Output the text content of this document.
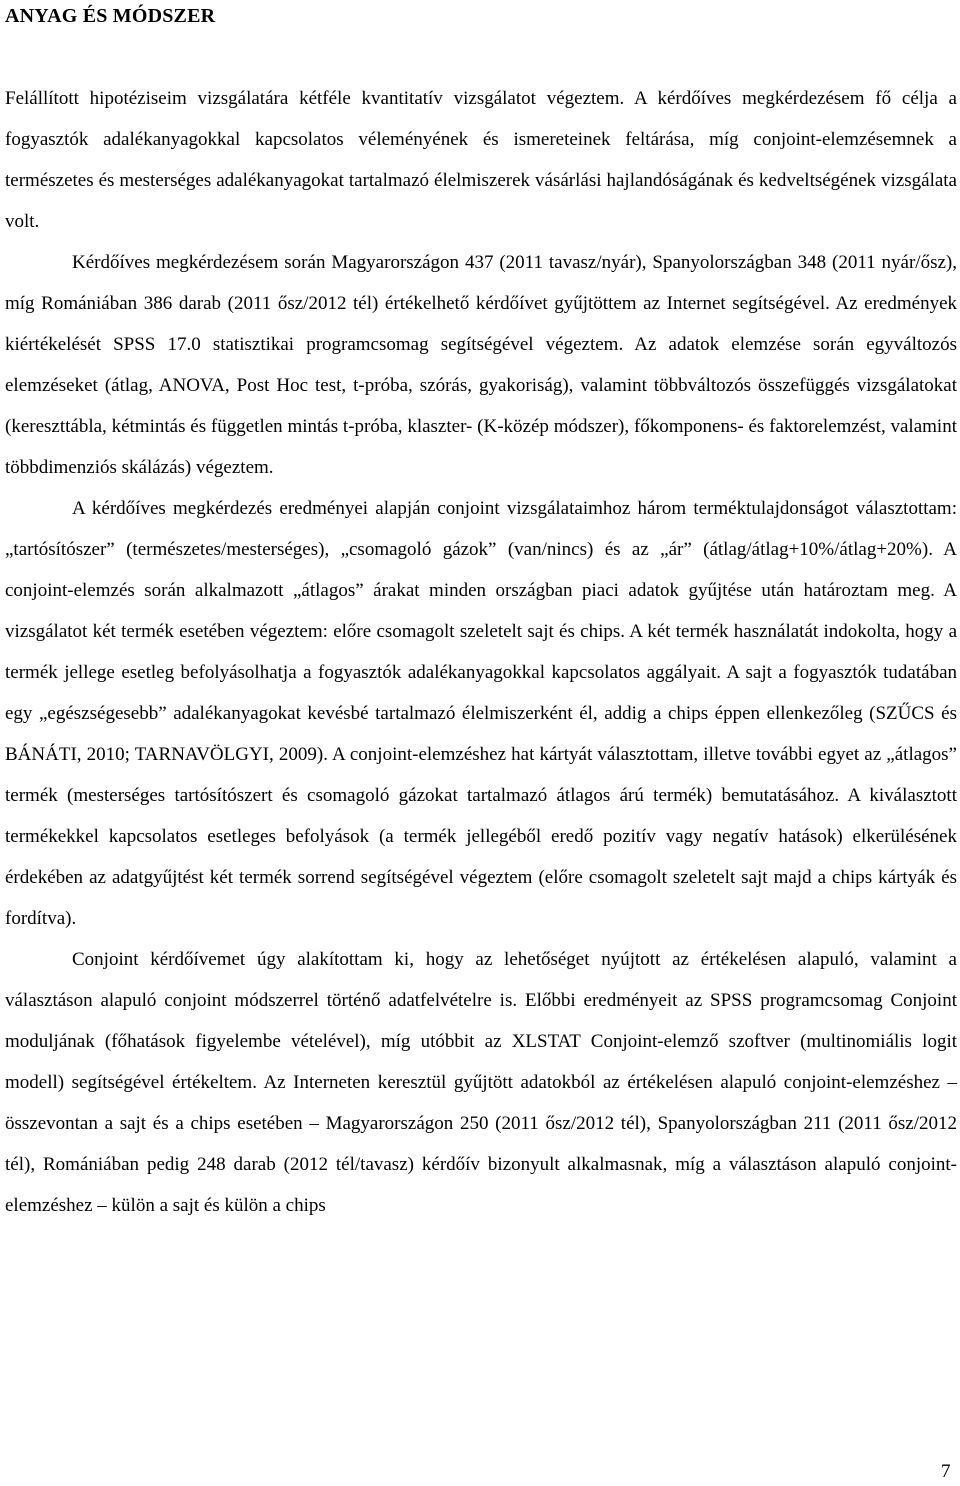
ANYAG ÉS MÓDSZER

Felállított hipotéziseim vizsgálatára kétféle kvantitatív vizsgálatot végeztem. A kérdőíves megkérdezésem fő célja a fogyasztók adalékanyagokkal kapcsolatos véleményének és ismereteinek feltárása, míg conjoint-elemzésemnek a természetes és mesterséges adalékanyagokat tartalmazó élelmiszerek vásárlási hajlandóságának és kedveltségének vizsgálata volt.

Kérdőíves megkérdezésem során Magyarországon 437 (2011 tavasz/nyár), Spanyolországban 348 (2011 nyár/ősz), míg Romániában 386 darab (2011 ősz/2012 tél) értékelhető kérdőívet gyűjtöttem az Internet segítségével. Az eredmények kiértékelését SPSS 17.0 statisztikai programcsomag segítségével végeztem. Az adatok elemzése során egyváltozós elemzéseket (átlag, ANOVA, Post Hoc test, t-próba, szórás, gyakoriság), valamint többváltozós összefüggés vizsgálatokat (kereszttábla, kétmintás és független mintás t-próba, klaszter- (K-közép módszer), főkomponens- és faktorelemzést, valamint többdimenziós skálázás) végeztem.

A kérdőíves megkérdezés eredményei alapján conjoint vizsgálataimhoz három terméktulajdonságot választottam: „tartósítószer” (természetes/mesterséges), „csomagoló gázok” (van/nincs) és az „ár” (átlag/átlag+10%/átlag+20%). A conjoint-elemzés során alkalmazott „átlagos” árakat minden országban piaci adatok gyűjtése után határoztam meg. A vizsgálatot két termék esetében végeztem: előre csomagolt szeletelt sajt és chips. A két termék használatát indokolta, hogy a termék jellege esetleg befolyásolhatja a fogyasztók adalékanyagokkal kapcsolatos aggályait. A sajt a fogyasztók tudatában egy „egészségesebb” adalékanyagokat kevésbé tartalmazó élelmiszerként él, addig a chips éppen ellenkezőleg (SZŰCS és BÁNÁTI, 2010; TARNAVÖLGYI, 2009). A conjoint-elemzéshez hat kártyát választottam, illetve további egyet az „átlagos” termék (mesterséges tartósítószert és csomagoló gázokat tartalmazó átlagos árú termék) bemutatásához. A kiválasztott termékekkel kapcsolatos esetleges befolyások (a termék jellegéből eredő pozitív vagy negatív hatások) elkerülésének érdekében az adatgyűjtést két termék sorrend segítségével végeztem (előre csomagolt szeletelt sajt majd a chips kártyák és fordítva).

Conjoint kérdőívemet úgy alakítottam ki, hogy az lehetőséget nyújtott az értékelésen alapuló, valamint a választáson alapuló conjoint módszerrel történő adatfelvételre is. Előbbi eredményeit az SPSS programcsomag Conjoint moduljának (főhatások figyelembe vételével), míg utóbbit az XLSTAT Conjoint-elemző szoftver (multinomiális logit modell) segítségével értékeltem. Az Interneten keresztül gyűjtött adatokból az értékelésen alapuló conjoint-elemzéshez – összevontan a sajt és a chips esetében – Magyarországon 250 (2011 ősz/2012 tél), Spanyolországban 211 (2011 ősz/2012 tél), Romániában pedig 248 darab (2012 tél/tavasz) kérdőív bizonyult alkalmasnak, míg a választáson alapuló conjoint-elemzéshez – külön a sajt és külön a chips

7
